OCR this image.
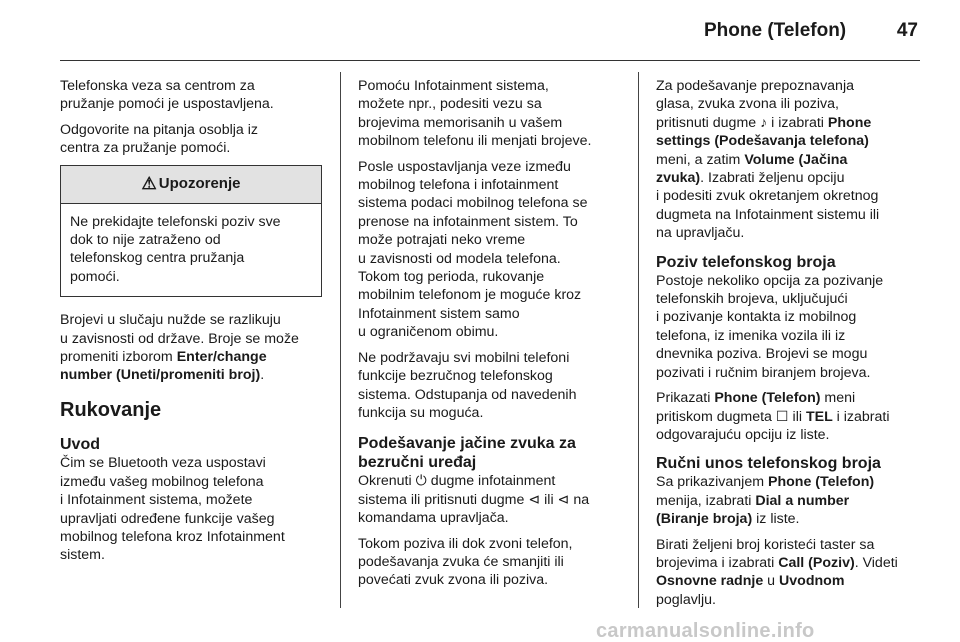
Phone (Telefon)	47
Telefonska veza sa centrom za
pružanje pomoći je uspostavljena.
Odgovorite na pitanja osoblja iz
centra za pružanje pomoći.
⚠ Upozorenje
Ne prekidajte telefonski poziv sve
dok to nije zatraženo od
telefonskog centra pružanja
pomoći.
Brojevi u slučaju nužde se razlikuju
u zavisnosti od države. Broje se može
promeniti izborom Enter/change
number (Uneti/promeniti broj).
Rukovanje
Uvod
Čim se Bluetooth veza uspostavi
između vašeg mobilnog telefona
i Infotainment sistema, možete
upravljati određene funkcije vašeg
mobilnog telefona kroz Infotainment
sistem.
Pomoću Infotainment sistema,
možete npr., podesiti vezu sa
brojevima memorisanih u vašem
mobilnom telefonu ili menjati brojeve.
Posle uspostavljanja veze između
mobilnog telefona i infotainment
sistema podaci mobilnog telefona se
prenose na infotainment sistem. To
može potrajati neko vreme
u zavisnosti od modela telefona.
Tokom tog perioda, rukovanje
mobilnim telefonom je moguće kroz
Infotainment sistem samo
u ograničenom obimu.
Ne podržavaju svi mobilni telefoni
funkcije bezručnog telefonskog
sistema. Odstupanja od navedenih
funkcija su moguća.
Podešavanje jačine zvuka za
bezručni uređaj
Okrenuti ⏻ dugme infotainment
sistema ili pritisnuti dugme ⊲ ili ⊲ na
komandama upravljača.
Tokom poziva ili dok zvoni telefon,
podešavanja zvuka će smanjiti ili
povećati zvuk zvona ili poziva.
Za podešavanje prepoznavanja
glasa, zvuka zvona ili poziva,
pritisnuti dugme ♪ i izabrati Phone
settings (Podešavanja telefona)
meni, a zatim Volume (Jačina
zvuka). Izabrati željenu opciju
i podesiti zvuk okretanjem okretnog
dugmeta na Infotainment sistemu ili
na upravljaču.
Poziv telefonskog broja
Postoje nekoliko opcija za pozivanje
telefonskih brojeva, uključujući
i pozivanje kontakta iz mobilnog
telefona, iz imenika vozila ili iz
dnevnika poziva. Brojevi se mogu
pozivati i ručnim biranjem brojeva.
Prikazati Phone (Telefon) meni
pritiskom dugmeta ☐ ili TEL i izabrati
odgovarajuću opciju iz liste.
Ručni unos telefonskog broja
Sa prikazivanjem Phone (Telefon)
menija, izabrati Dial a number
(Biranje broja) iz liste.
Birati željeni broj koristeći taster sa
brojevima i izabrati Call (Poziv). Videti
Osnovne radnje u Uvodnom
poglavlju.
carmanualsonline.info
